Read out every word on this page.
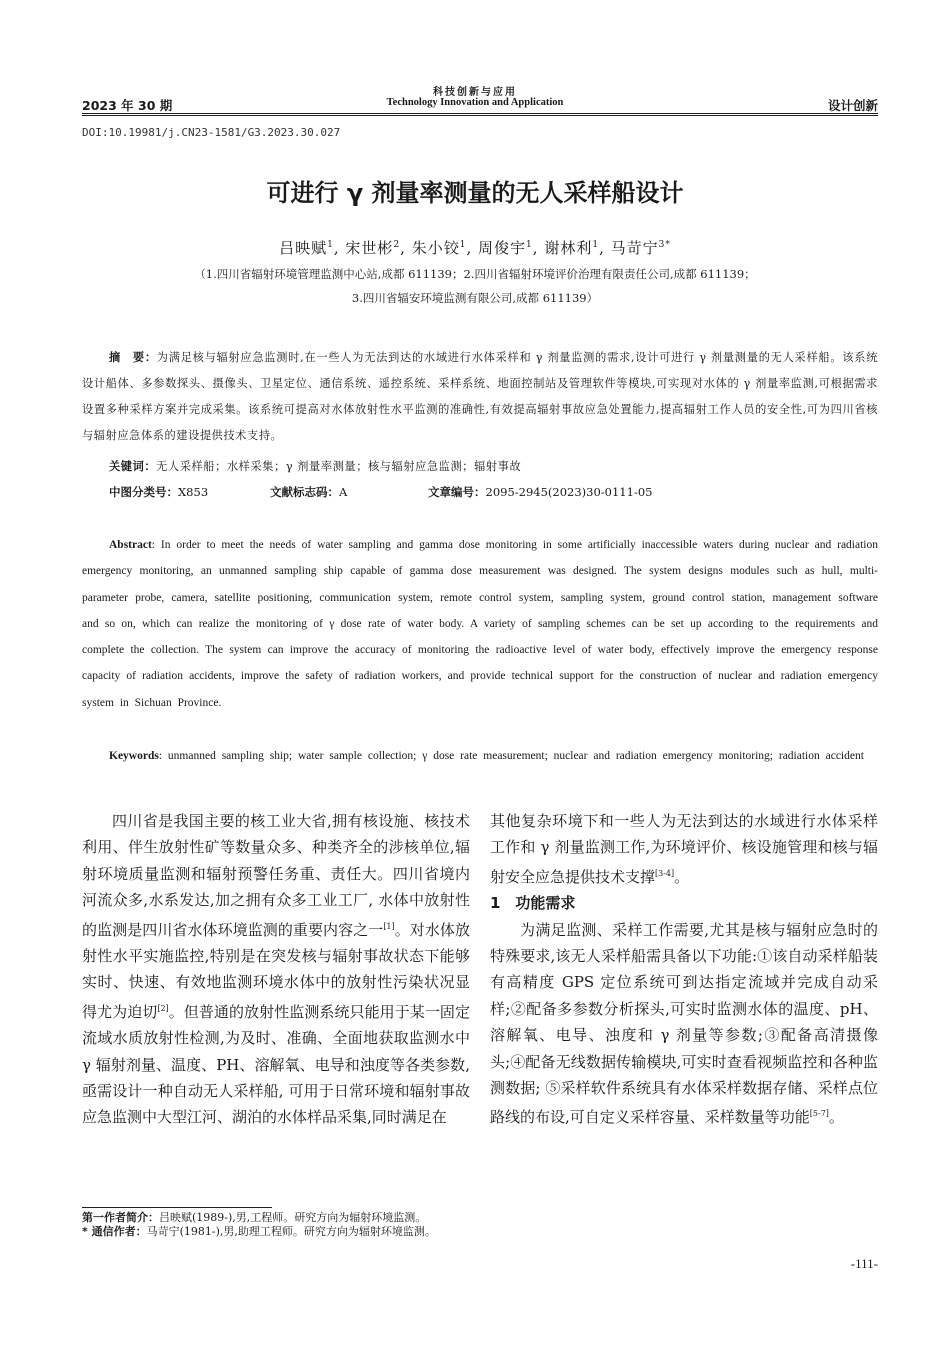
科技创新与应用
Technology Innovation and Application
2023 年 30 期	设计创新
DOI:10.19981/j.CN23-1581/G3.2023.30.027
可进行 γ 剂量率测量的无人采样船设计
吕映赋$^1$, 宋世彬$^2$, 朱小铰$^1$, 周俊宇$^1$, 谢林利$^1$, 马苛宁$^{3*}$
（1.四川省辐射环境管理监测中心站,成都 611139；2.四川省辐射环境评价治理有限责任公司,成都 611139；
3.四川省辐安环境监测有限公司,成都 611139）

摘　要：为满足核与辐射应急监测时,在一些人为无法到达的水域进行水体采样和 γ 剂量监测的需求,设计可进行 γ 剂量测量的无人采样船。该系统设计船体、多参数探头、摄像头、卫星定位、通信系统、遥控系统、采样系统、地面控制站及管理软件等模块,可实现对水体的 γ 剂量率监测,可根据需求设置多种采样方案并完成采集。该系统可提高对水体放射性水平监测的准确性,有效提高辐射事故应急处置能力,提高辐射工作人员的安全性,可为四川省核与辐射应急体系的建设提供技术支持。

关键词：无人采样船；水样采集；γ 剂量率测量；核与辐射应急监测；辐射事故
中图分类号：X853	文献标志码：A	文章编号：2095-2945(2023)30-0111-05

Abstract: In order to meet the needs of water sampling and gamma dose monitoring in some artificially inaccessible waters during nuclear and radiation emergency monitoring, an unmanned sampling ship capable of gamma dose measurement was designed. The system designs modules such as hull, multi-parameter probe, camera, satellite positioning, communication system, remote control system, sampling system, ground control station, management software and so on, which can realize the monitoring of γ dose rate of water body. A variety of sampling schemes can be set up according to the requirements and complete the collection. The system can improve the accuracy of monitoring the radioactive level of water body, effectively improve the emergency response capacity of radiation accidents, improve the safety of radiation workers, and provide technical support for the construction of nuclear and radiation emergency system in Sichuan Province.

Keywords: unmanned sampling ship; water sample collection; γ dose rate measurement; nuclear and radiation emergency monitoring; radiation accident

四川省是我国主要的核工业大省,拥有核设施、核技术利用、伴生放射性矿等数量众多、种类齐全的涉核单位,辐射环境质量监测和辐射预警任务重、责任大。四川省境内河流众多,水系发达,加之拥有众多工业工厂, 水体中放射性的监测是四川省水体环境监测的重要内容之一[1]。对水体放射性水平实施监控,特别是在突发核与辐射事故状态下能够实时、快速、有效地监测环境水体中的放射性污染状况显得尤为迫切[2]。但普通的放射性监测系统只能用于某一固定流域水质放射性检测,为及时、准确、全面地获取监测水中 γ 辐射剂量、温度、PH、溶解氧、电导和浊度等各类参数,亟需设计一种自动无人采样船, 可用于日常环境和辐射事故应急监测中大型江河、湖泊的水体样品采集,同时满足在

其他复杂环境下和一些人为无法到达的水域进行水体采样工作和 γ 剂量监测工作,为环境评价、核设施管理和核与辐射安全应急提供技术支撑[3-4]。

1　功能需求

为满足监测、采样工作需要,尤其是核与辐射应急时的特殊要求,该无人采样船需具备以下功能:①该自动采样船装有高精度 GPS 定位系统可到达指定流域并完成自动采样;②配备多参数分析探头,可实时监测水体的温度、pH、溶解氧、电导、浊度和 γ 剂量等参数;③配备高清摄像头;④配备无线数据传输模块,可实时查看视频监控和各种监测数据; ⑤采样软件系统具有水体采样数据存储、采样点位路线的布设,可自定义采样容量、采样数量等功能[5-7]。

第一作者简介：吕映赋(1989-),男,工程师。研究方向为辐射环境监测。
* 通信作者：马苛宁(1981-),男,助理工程师。研究方向为辐射环境监测。
-111-
